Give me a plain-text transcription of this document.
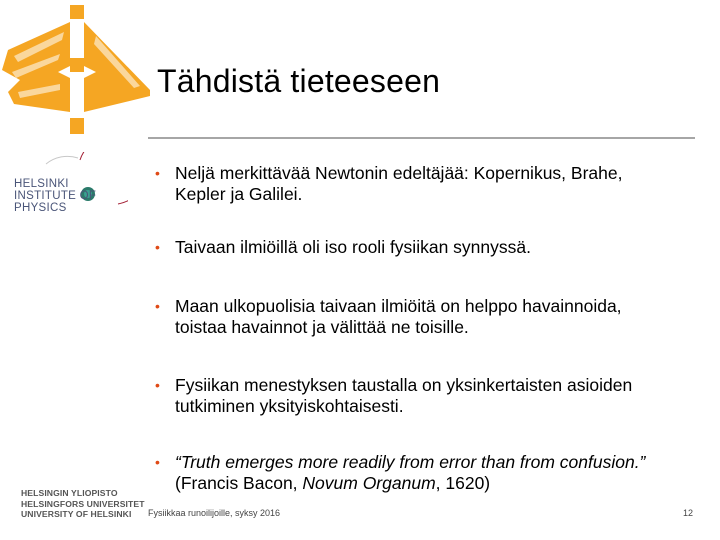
Tähdistä tieteeseen
HELSINKI
INSTITUTE OF
PHYSICS
• Neljä merkittävää Newtonin edeltäjää: Kopernikus, Brahe,
Kepler ja Galilei.
• Taivaan ilmiöillä oli iso rooli fysiikan synnyssä.
• Maan ulkopuolisia taivaan ilmiöitä on helppo havainnoida,
toistaa havainnot ja välittää ne toisille.
• Fysiikan menestyksen taustalla on yksinkertaisten asioiden
tutkiminen yksityiskohtaisesti.
• “Truth emerges more readily from error than from confusion.”
(Francis Bacon, Novum Organum, 1620)
HELSINGIN YLIOPISTO
HELSINGFORS UNIVERSITET
UNIVERSITY OF HELSINKI	Fysiikkaa runoilijoille, syksy 2016	12
